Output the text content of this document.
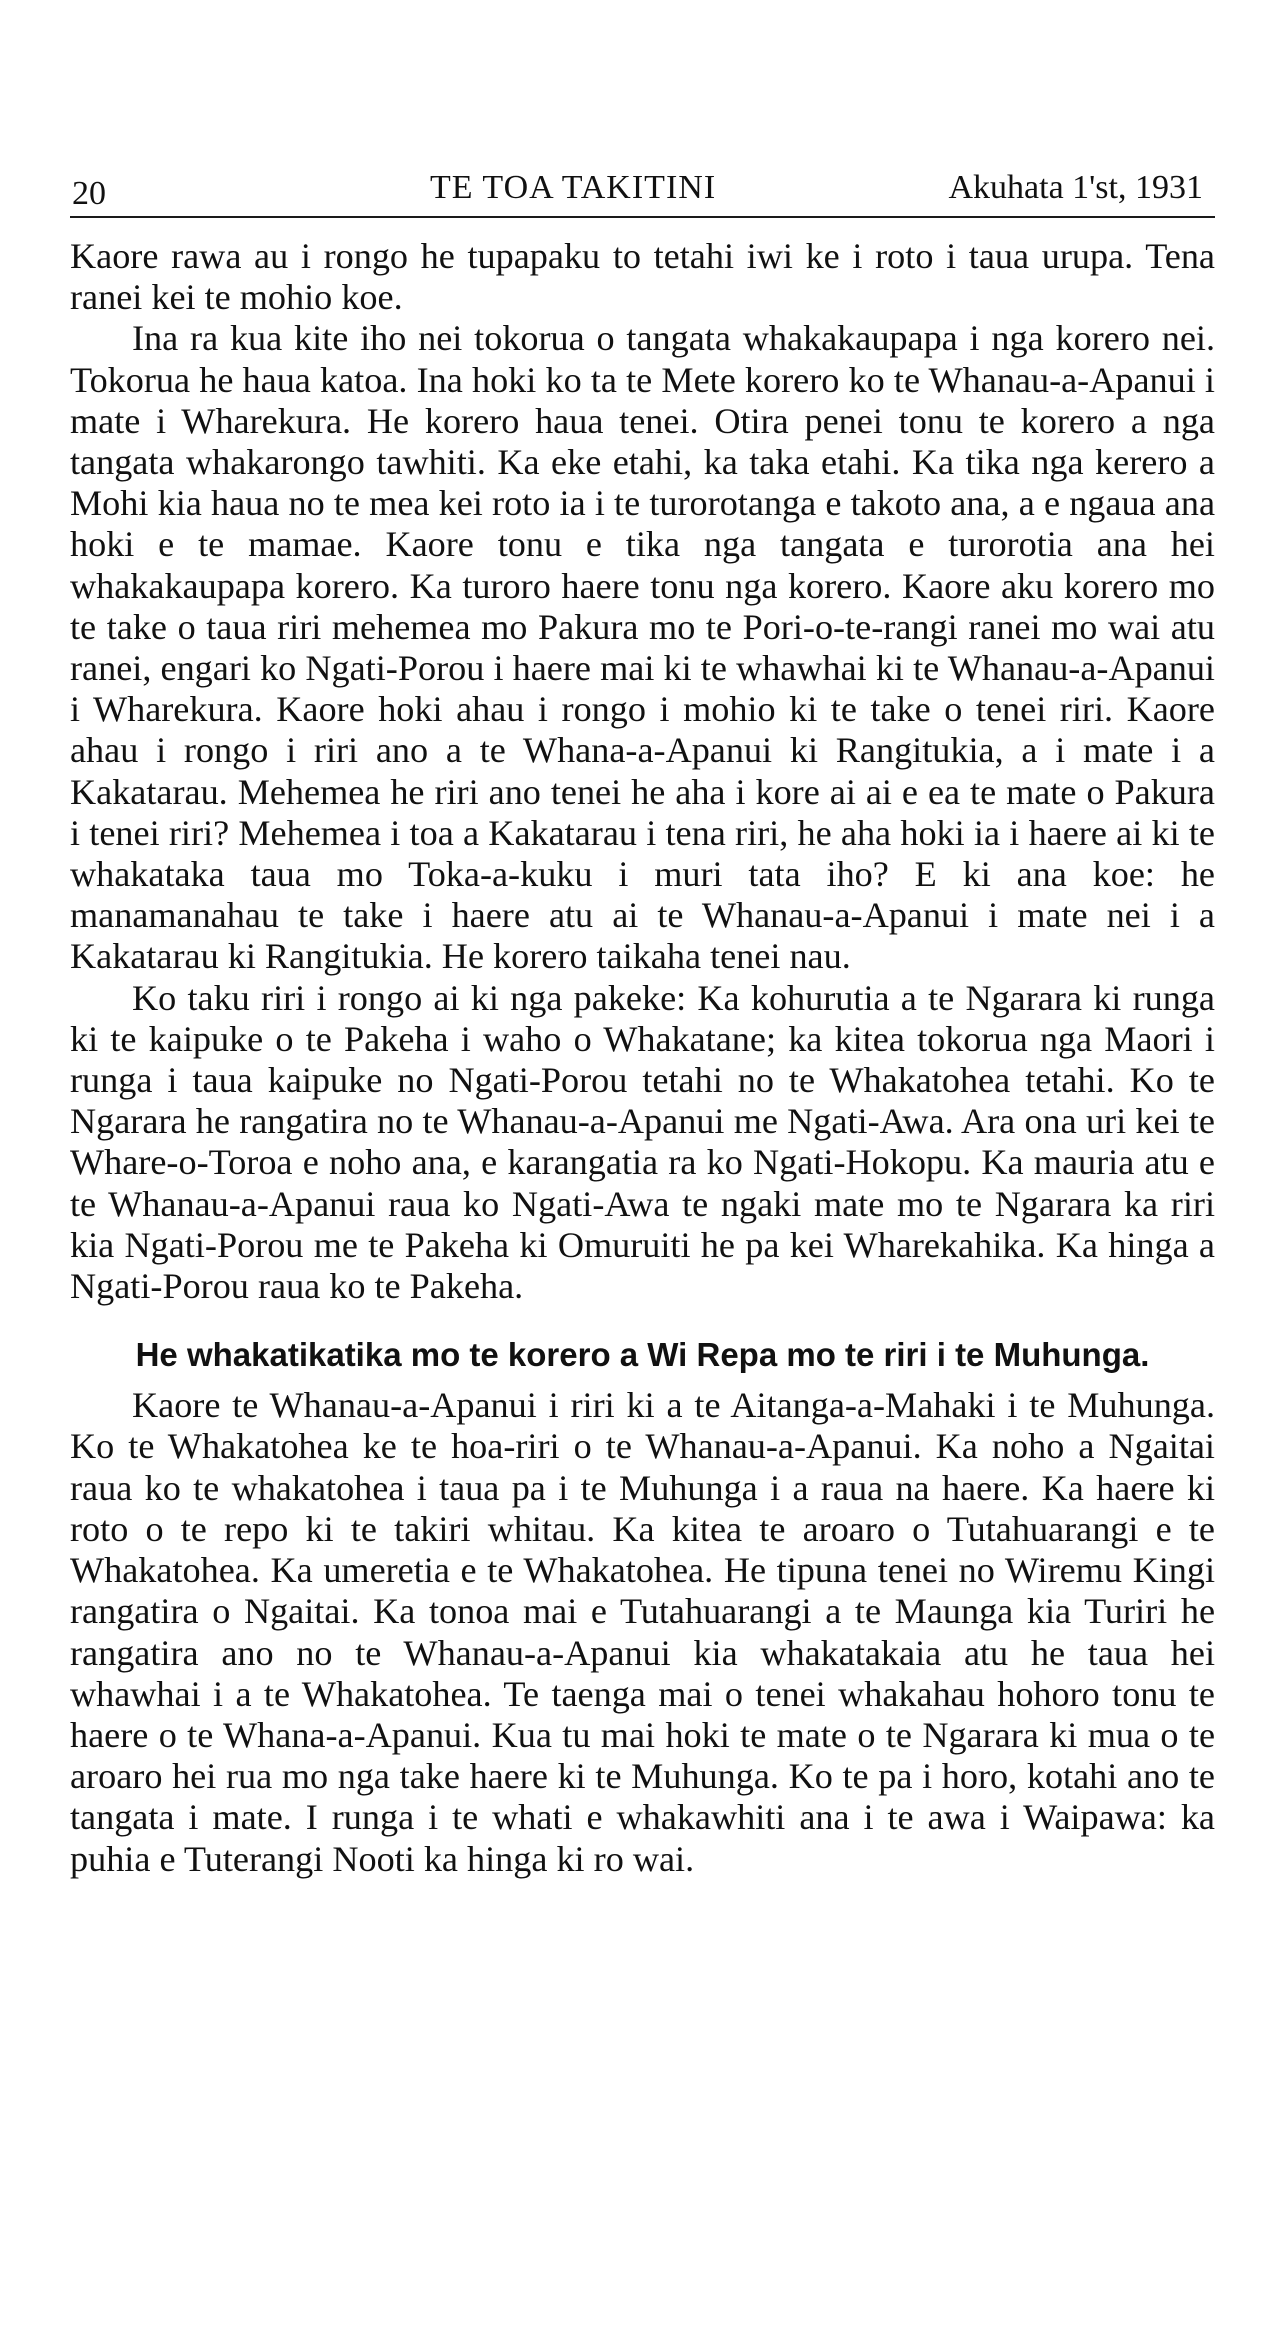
20	TE TOA TAKITINI	Akuhata 1'st, 1931

Kaore rawa au i rongo he tupapaku to tetahi iwi ke i roto i taua urupa. Tena ranei kei te mohio koe.

Ina ra kua kite iho nei tokorua o tangata whakakaupapa i nga korero nei. Tokorua he haua katoa. Ina hoki ko ta te Mete korero ko te Whanau-a-Apanui i mate i Wharekura. He korero haua tenei. Otira penei tonu te korero a nga tangata whakarongo tawhiti. Ka eke etahi, ka taka etahi. Ka tika nga kerero a Mohi kia haua no te mea kei roto ia i te turorotanga e takoto ana, a e ngaua ana hoki e te mamae. Kaore tonu e tika nga tangata e turorotia ana hei whakakaupapa korero. Ka turoro haere tonu nga korero. Kaore aku korero mo te take o taua riri mehemea mo Pakura mo te Pori-o-te-rangi ranei mo wai atu ranei, engari ko Ngati-Porou i haere mai ki te whawhai ki te Whanau-a-Apanui i Wharekura. Kaore hoki ahau i rongo i mohio ki te take o tenei riri. Kaore ahau i rongo i riri ano a te Whana-a-Apanui ki Rangitukia, a i mate i a Kakatarau. Mehemea he riri ano tenei he aha i kore ai ai e ea te mate o Pakura i tenei riri? Mehemea i toa a Kakatarau i tena riri, he aha hoki ia i haere ai ki te whakataka taua mo Toka-a-kuku i muri tata iho? E ki ana koe: he manamanahau te take i haere atu ai te Whanau-a-Apanui i mate nei i a Kakatarau ki Rangitukia. He korero taikaha tenei nau.

Ko taku riri i rongo ai ki nga pakeke: Ka kohurutia a te Ngarara ki runga ki te kaipuke o te Pakeha i waho o Whakatane; ka kitea tokorua nga Maori i runga i taua kaipuke no Ngati-Porou tetahi no te Whakatohea tetahi. Ko te Ngarara he rangatira no te Whanau-a-Apanui me Ngati-Awa. Ara ona uri kei te Whare-o-Toroa e noho ana, e karangatia ra ko Ngati-Hokopu. Ka mauria atu e te Whanau-a-Apanui raua ko Ngati-Awa te ngaki mate mo te Ngarara ka riri kia Ngati-Porou me te Pakeha ki Omuruiti he pa kei Wharekahika. Ka hinga a Ngati-Porou raua ko te Pakeha.

He whakatikatika mo te korero a Wi Repa mo te riri i te Muhunga.

Kaore te Whanau-a-Apanui i riri ki a te Aitanga-a-Mahaki i te Muhunga. Ko te Whakatohea ke te hoa-riri o te Whanau-a-Apanui. Ka noho a Ngaitai raua ko te whakatohea i taua pa i te Muhunga i a raua na haere. Ka haere ki roto o te repo ki te takiri whitau. Ka kitea te aroaro o Tutahuarangi e te Whakatohea. Ka umeretia e te Whakatohea. He tipuna tenei no Wiremu Kingi rangatira o Ngaitai. Ka tonoa mai e Tutahuarangi a te Maunga kia Turiri he rangatira ano no te Whanau-a-Apanui kia whakatakaia atu he taua hei whawhai i a te Whakatohea. Te taenga mai o tenei whakahau hohoro tonu te haere o te Whana-a-Apanui. Kua tu mai hoki te mate o te Ngarara ki mua o te aroaro hei rua mo nga take haere ki te Muhunga. Ko te pa i horo, kotahi ano te tangata i mate. I runga i te whati e whakawhiti ana i te awa i Waipawa: ka puhia e Tuterangi Nooti ka hinga ki ro wai.
